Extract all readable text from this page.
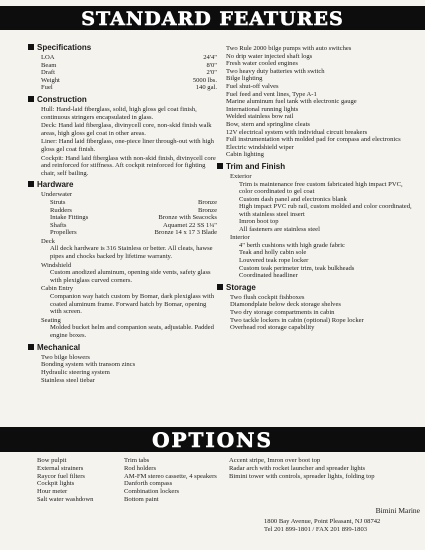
STANDARD FEATURES
Specifications
LOA	24'4"
Beam	8'0"
Draft	2'0"
Weight	5000 lbs.
Fuel	140 gal.
Construction
Hull: Hand-laid fiberglass, solid, high gloss gel coat finish, continuous stringers encapsulated in glass.
Deck: Hand laid fiberglass, divinycell core, non-skid finish walk areas, high gloss gel coat in other areas.
Liner: Hand laid fiberglass, one-piece liner through-out with high gloss gel coat finish.
Cockpit: Hand laid fiberglass with non-skid finish, divinycell core and reinforced for stiffness. Aft cockpit reinforced for fighting chair, self bailing.
Hardware
Underwater
Struts	Bronze
Rudders	Bronze
Intake Fittings	Bronze with Seacocks
Shafts	Aquamet 22 SS 1¼"
Propellers	Bronze 14 x 17 3 Blade
Deck
All deck hardware is 316 Stainless or better. All cleats, hawse pipes and chocks backed by lifetime warranty.
Windshield
Custom anodized aluminum, opening side vents, safety glass with plexiglass curved corners.
Cabin Entry
Companion way hatch custom by Bomar, dark plexiglass with coated aluminum frame. Forward hatch by Bomar, opening with screen.
Seating
Molded bucket helm and companion seats, adjustable. Padded engine boxes.
Mechanical
Two bilge blowers
Bonding system with transom zincs
Hydraulic steering system
Stainless steel tiebar
Two Rule 2000 bilge pumps with auto switches
No drip water injected shaft logs
Fresh water cooled engines
Two heavy duty batteries with switch
Bilge lighting
Fuel shut-off valves
Fuel feed and vent lines, Type A-1
Marine aluminum fuel tank with electronic gauge
International running lights
Welded stainless bow rail
Bow, stern and springline cleats
12V electrical system with individual circuit breakers
Full instrumentation with molded pad for compass and electronics
Electric windshield wiper
Cabin lighting
Trim and Finish
Exterior
Trim is maintenance free custom fabricated high impact PVC, color coordinated to gel coat
Custom dash panel and electronics blank
High impact PVC rub rail, custom molded and color coordinated, with stainless steel insert
Imron boot top
All fasteners are stainless steel
Interior
4" berth cushions with high grade fabric
Teak and holly cabin sole
Louvered teak rope locker
Custom teak perimeter trim, teak bulkheads
Coordinated headliner
Storage
Two flush cockpit fishboxes
Diamondplate below deck storage shelves
Two dry storage compartments in cabin
Two tackle lockers in cabin (optional) Rope locker
Overhead rod storage capability
OPTIONS
Bow pulpit
External strainers
Raycor fuel filters
Cockpit lights
Hour meter
Salt water washdown
Trim tabs
Rod holders
AM-FM stereo cassette, 4 speakers
Danforth compass
Combination lockers
Bottom paint
Accent stripe, Imron over boot top
Radar arch with rocket launcher and spreader lights
Bimini tower with controls, spreader lights, folding top
Bimini Marine
1800 Bay Avenue, Point Pleasant, NJ 08742
Tel 201 899-1801 / FAX 201 899-1803
